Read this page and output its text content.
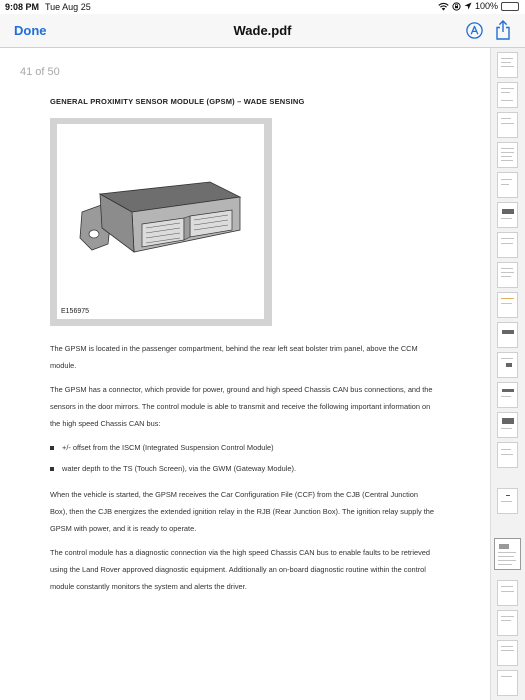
9:08 PM Tue Aug 25	100%
Done	Wade.pdf
41 of 50
GENERAL PROXIMITY SENSOR MODULE (GPSM) – WADE SENSING
E156975
The GPSM is located in the passenger compartment, behind the rear left seat bolster trim panel, above the CCM
module.
The GPSM has a connector, which provide for power, ground and high speed Chassis CAN bus connections, and the
sensors in the door mirrors. The control module is able to transmit and receive the following important information on
the high speed Chassis CAN bus:
+/- offset from the ISCM (Integrated Suspension Control Module)
water depth to the TS (Touch Screen), via the GWM (Gateway Module).
When the vehicle is started, the GPSM receives the Car Configuration File (CCF) from the CJB (Central Junction
Box), then the CJB energizes the extended ignition relay in the RJB (Rear Junction Box). The ignition relay supply the
GPSM with power, and it is ready to operate.
The control module has a diagnostic connection via the high speed Chassis CAN bus to enable faults to be retrieved
using the Land Rover approved diagnostic equipment. Additionally an on-board diagnostic routine within the control
module constantly monitors the system and alerts the driver.
